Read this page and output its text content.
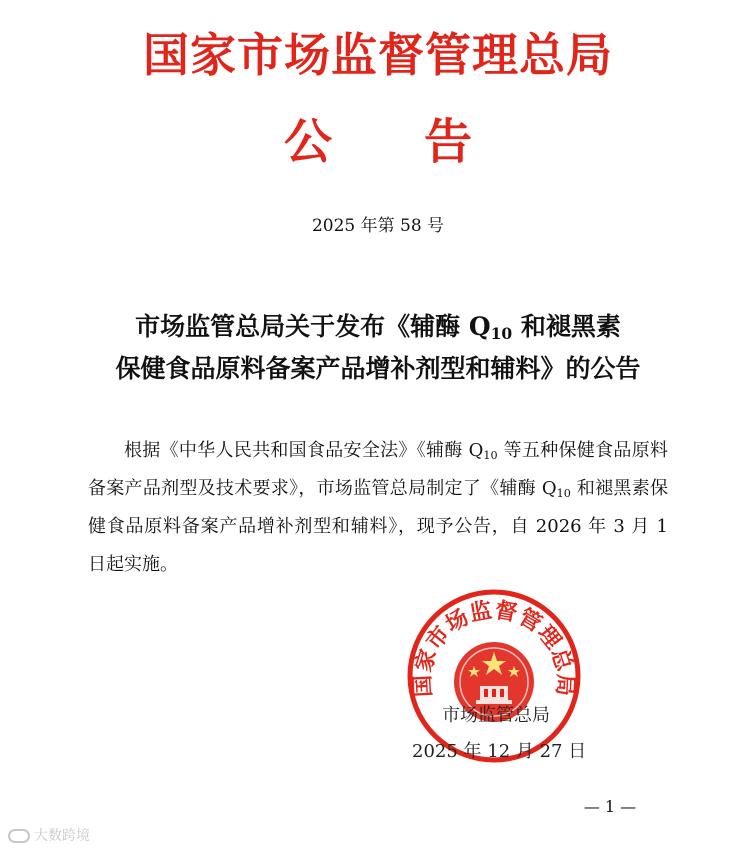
国家市场监督管理总局
公 告
2025 年第 58 号
市场监管总局关于发布《辅酶 $Q_{10}$ 和褪黑素
保健食品原料备案产品增补剂型和辅料》的公告
根据《中华人民共和国食品安全法》《辅酶 $Q_{10}$ 等五种保健食品原料备案产品剂型及技术要求》，市场监管总局制定了《辅酶 $Q_{10}$ 和褪黑素保健食品原料备案产品增补剂型和辅料》，现予公告，自 2026 年 3 月 1 日起实施。
国家市场监督管理总局
市场监管总局
2025 年 12 月 27 日
— 1 —
大数跨境
